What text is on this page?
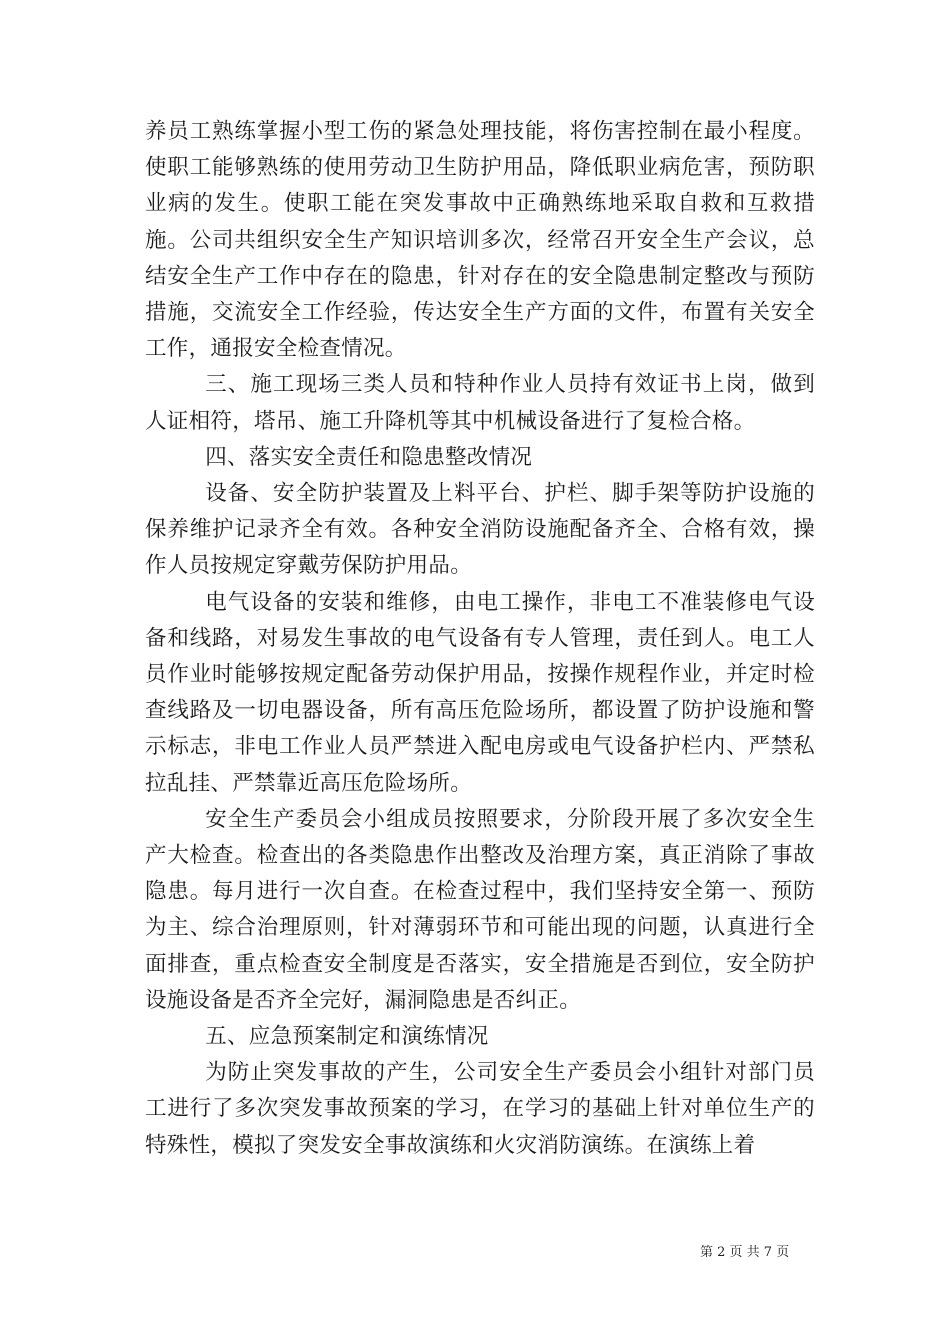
养员工熟练掌握小型工伤的紧急处理技能，将伤害控制在最小程度。使职工能够熟练的使用劳动卫生防护用品，降低职业病危害，预防职业病的发生。使职工能在突发事故中正确熟练地采取自救和互救措施。公司共组织安全生产知识培训多次，经常召开安全生产会议，总结安全生产工作中存在的隐患，针对存在的安全隐患制定整改与预防措施，交流安全工作经验，传达安全生产方面的文件，布置有关安全工作，通报安全检查情况。

三、施工现场三类人员和特种作业人员持有效证书上岗，做到人证相符，塔吊、施工升降机等其中机械设备进行了复检合格。

四、落实安全责任和隐患整改情况

设备、安全防护装置及上料平台、护栏、脚手架等防护设施的保养维护记录齐全有效。各种安全消防设施配备齐全、合格有效，操作人员按规定穿戴劳保防护用品。

电气设备的安装和维修，由电工操作，非电工不准装修电气设备和线路，对易发生事故的电气设备有专人管理，责任到人。电工人员作业时能够按规定配备劳动保护用品，按操作规程作业，并定时检查线路及一切电器设备，所有高压危险场所，都设置了防护设施和警示标志，非电工作业人员严禁进入配电房或电气设备护栏内、严禁私拉乱挂、严禁靠近高压危险场所。

安全生产委员会小组成员按照要求，分阶段开展了多次安全生产大检查。检查出的各类隐患作出整改及治理方案，真正消除了事故隐患。每月进行一次自查。在检查过程中，我们坚持安全第一、预防为主、综合治理原则，针对薄弱环节和可能出现的问题，认真进行全面排查，重点检查安全制度是否落实，安全措施是否到位，安全防护设施设备是否齐全完好，漏洞隐患是否纠正。

五、应急预案制定和演练情况

为防止突发事故的产生，公司安全生产委员会小组针对部门员工进行了多次突发事故预案的学习，在学习的基础上针对单位生产的特殊性，模拟了突发安全事故演练和火灾消防演练。在演练上着

第 2 页 共 7 页
